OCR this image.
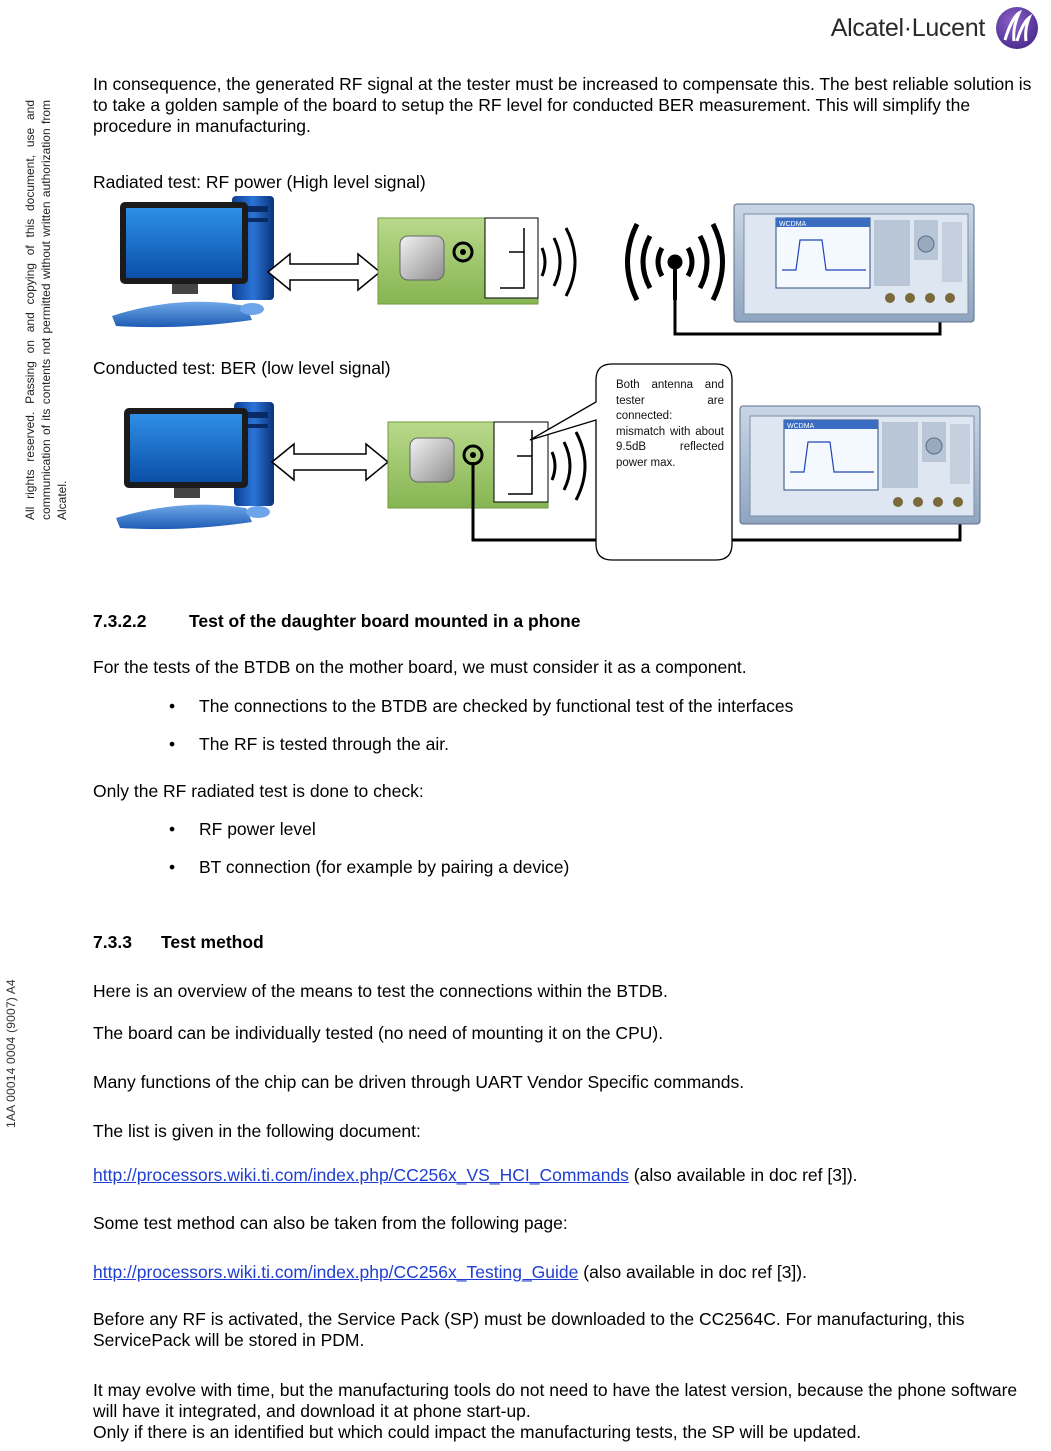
Alcatel·Lucent
All rights reserved. Passing on and copying of this document, use and communication of its contents not permitted without written authorization from Alcatel.
1AA 00014 0004 (9007) A4

In consequence, the generated RF signal at the tester must be increased to compensate this. The best reliable solution is to take a golden sample of the board to setup the RF level for conducted BER measurement. This will simplify the procedure in manufacturing.

Radiated test: RF power (High level signal)

Conducted test: BER (low level signal)

WCDMA
WCDMA
Both antenna and tester are connected: mismatch with about 9.5dB reflected power max.
7.3.2.2 Test of the daughter board mounted in a phone

For the tests of the BTDB on the mother board, we must consider it as a component.

• The connections to the BTDB are checked by functional test of the interfaces
• The RF is tested through the air.

Only the RF radiated test is done to check:

• RF power level
• BT connection (for example by pairing a device)
7.3.3 Test method

Here is an overview of the means to test the connections within the BTDB.

The board can be individually tested (no need of mounting it on the CPU).

Many functions of the chip can be driven through UART Vendor Specific commands.

The list is given in the following document:

http://processors.wiki.ti.com/index.php/CC256x_VS_HCI_Commands (also available in doc ref [3]).

Some test method can also be taken from the following page:

http://processors.wiki.ti.com/index.php/CC256x_Testing_Guide (also available in doc ref [3]).

Before any RF is activated, the Service Pack (SP) must be downloaded to the CC2564C. For manufacturing, this ServicePack will be stored in PDM.

It may evolve with time, but the manufacturing tools do not need to have the latest version, because the phone software will have it integrated, and download it at phone start-up.

Only if there is an identified but which could impact the manufacturing tests, the SP will be updated.
